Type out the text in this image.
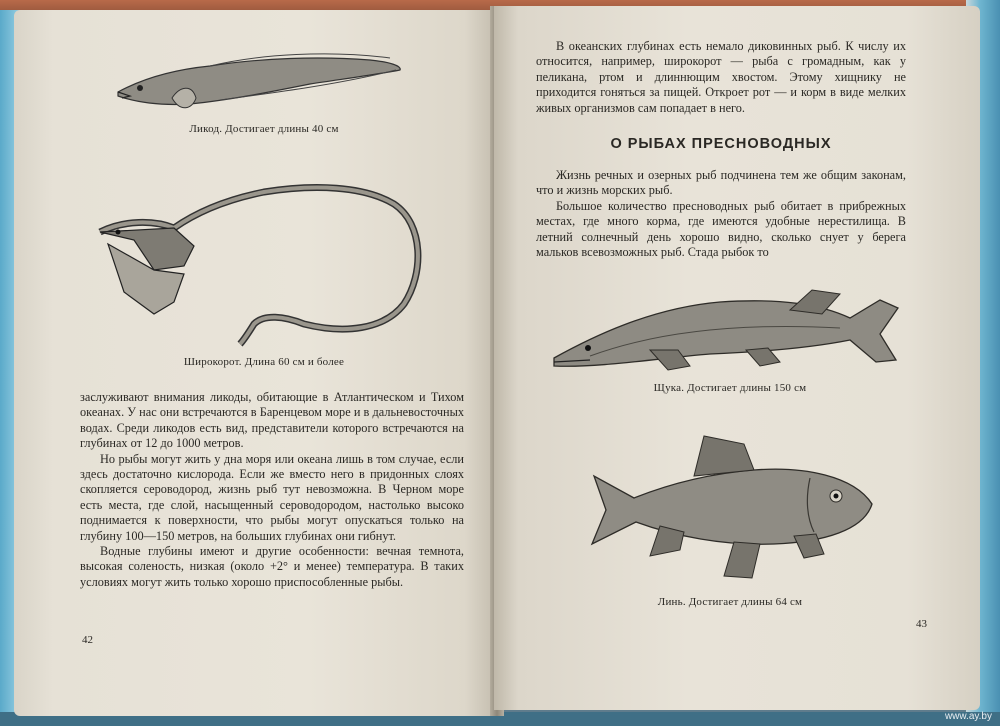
Ликод. Достигает длины 40 см
Широкорот. Длина 60 см и более

заслуживают внимания ликоды, обитающие в Атлантическом и Тихом океанах. У нас они встречаются в Баренцевом море и в дальневосточных водах. Среди ликодов есть вид, представители которого встречаются на глубинах от 12 до 1000 метров.

Но рыбы могут жить у дна моря или океана лишь в том случае, если здесь достаточно кислорода. Если же вместо него в придонных слоях скопляется сероводород, жизнь рыб тут невозможна. В Черном море есть места, где слой, насыщенный сероводородом, настолько высоко поднимается к поверхности, что рыбы могут опускаться только на глубину 100—150 метров, на больших глубинах они гибнут.

Водные глубины имеют и другие особенности: вечная темнота, высокая соленость, низкая (около +2° и менее) температура. В таких условиях могут жить только хорошо приспособленные рыбы.

42

В океанских глубинах есть немало диковинных рыб. К числу их относится, например, широкорот — рыба с громадным, как у пеликана, ртом и длиннющим хвостом. Этому хищнику не приходится гоняться за пищей. Откроет рот — и корм в виде мелких живых организмов сам попадает в него.

О РЫБАХ ПРЕСНОВОДНЫХ

Жизнь речных и озерных рыб подчинена тем же общим законам, что и жизнь морских рыб.

Большое количество пресноводных рыб обитает в прибрежных местах, где много корма, где имеются удобные нерестилища. В летний солнечный день хорошо видно, сколько снует у берега мальков всевозможных рыб. Стада рыбок то

Щука. Достигает длины 150 см
Линь. Достигает длины 64 см
43
www.ay.by
